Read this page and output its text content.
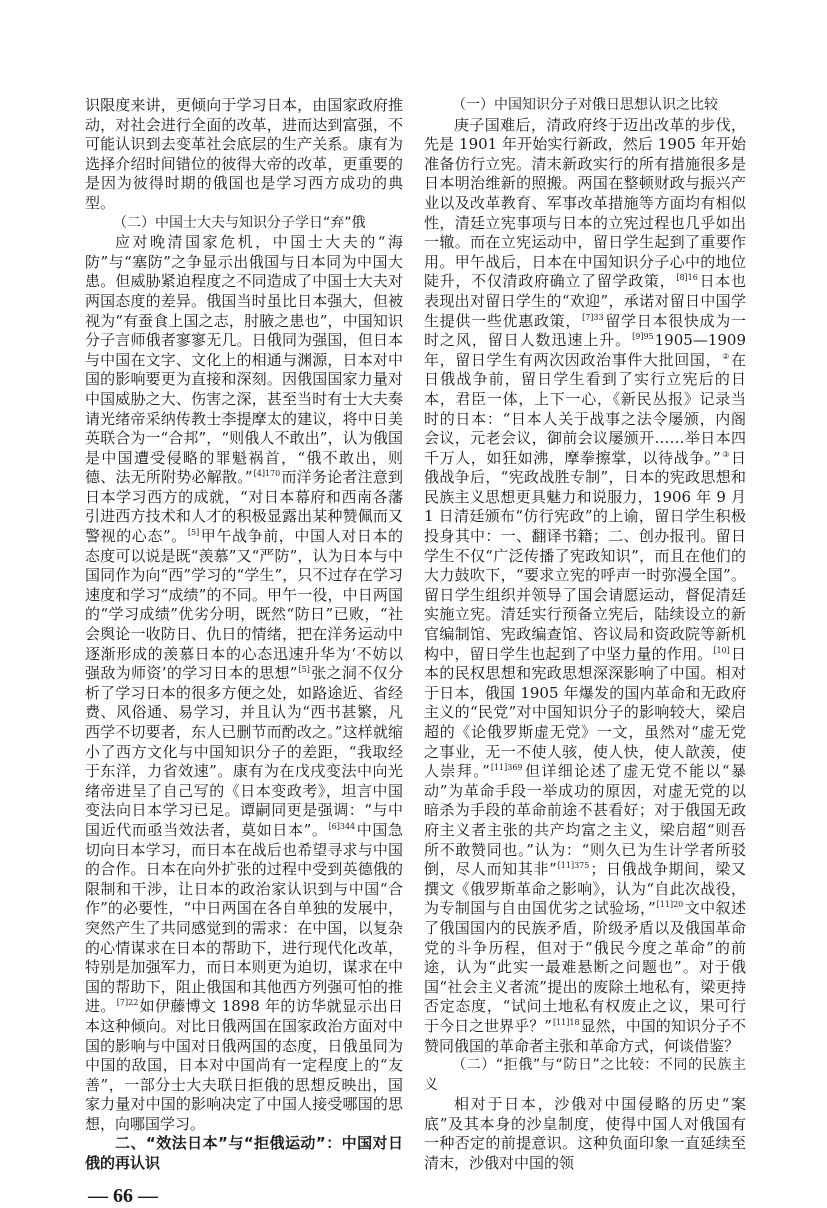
识限度来讲，更倾向于学习日本，由国家政府推动，对社会进行全面的改革，进而达到富强，不可能认识到去变革社会底层的生产关系。康有为选择介绍时间错位的彼得大帝的改革，更重要的是因为彼得时期的俄国也是学习西方成功的典型。

（二）中国士大夫与知识分子学日“弃”俄

应对晚清国家危机，中国士大夫的“海防”与“塞防”之争显示出俄国与日本同为中国大患。但威胁紧迫程度之不同造成了中国士大夫对两国态度的差异。俄国当时虽比日本强大，但被视为“有蚕食上国之志，肘腋之患也”，中国知识分子言师俄者寥寥无几。日俄同为强国，但日本与中国在文字、文化上的相通与渊源，日本对中国的影响要更为直接和深刻。因俄国国家力量对中国威胁之大、伤害之深，甚至当时有士大夫奏请光绪帝采纳传教士李提摩太的建议，将中日美英联合为一“合邦”，“则俄人不敢出”，认为俄国是中国遭受侵略的罪魁祸首，“俄不敢出，则德、法无所附势必解散。”$^{[4]170}$而洋务论者注意到日本学习西方的成就，“对日本幕府和西南各藩引进西方技术和人才的积极显露出某种赞佩而又警视的心态”。[5]甲午战争前，中国人对日本的态度可以说是既“羡慕”又“严防”，认为日本与中国同作为向“西”学习的“学生”，只不过存在学习速度和学习“成绩”的不同。甲午一役，中日两国的“学习成绩”优劣分明，既然“防日”已败，“社会舆论一收防日、仇日的情绪，把在洋务运动中逐渐形成的羡慕日本的心态迅速升华为‘不妨以强敌为师资’的学习日本的思想”[5]张之洞不仅分析了学习日本的很多方便之处，如路途近、省经费、风俗通、易学习，并且认为“西书甚繁，凡西学不切要者，东人已删节而酌改之。”这样就缩小了西方文化与中国知识分子的差距，“我取经于东洋，力省效速”。康有为在戊戌变法中向光绪帝进呈了自己写的《日本变政考》，坦言中国变法向日本学习已足。谭嗣同更是强调：“与中国近代而亟当效法者，莫如日本”。$^{[6]344}$中国急切向日本学习，而日本在战后也希望寻求与中国的合作。日本在向外扩张的过程中受到英德俄的限制和干涉，让日本的政治家认识到与中国“合作”的必要性，“中日两国在各自单独的发展中，突然产生了共同感觉到的需求：在中国，以复杂的心情谋求在日本的帮助下，进行现代化改革，特别是加强军力，而日本则更为迫切，谋求在中国的帮助下，阻止俄国和其他西方列强可怕的推进。$^{[7]22}$如伊藤博文 1898 年的访华就显示出日本这种倾向。对比日俄两国在国家政治方面对中国的影响与中国对日俄两国的态度，日俄虽同为中国的敌国，日本对中国尚有一定程度上的“友善”，一部分士大夫联日拒俄的思想反映出，国家力量对中国的影响决定了中国人接受哪国的思想，向哪国学习。

二、“效法日本”与“拒俄运动”：中国对日俄的再认识

— 66 —

（一）中国知识分子对俄日思想认识之比较

庚子国难后，清政府终于迈出改革的步伐，先是 1901 年开始实行新政，然后 1905 年开始准备仿行立宪。清末新政实行的所有措施很多是日本明治维新的照搬。两国在整顿财政与振兴产业以及改革教育、军事改革措施等方面均有相似性，清廷立宪事项与日本的立宪过程也几乎如出一辙。而在立宪运动中，留日学生起到了重要作用。甲午战后，日本在中国知识分子心中的地位陡升，不仅清政府确立了留学政策，$^{[8]16}$日本也表现出对留日学生的“欢迎”，承诺对留日中国学生提供一些优惠政策，$^{[7]33}$留学日本很快成为一时之风，留日人数迅速上升。$^{[9]95}$1905—1909 年，留日学生有两次因政治事件大批回国，②在日俄战争前，留日学生看到了实行立宪后的日本，君臣一体，上下一心，《新民丛报》记录当时的日本：“日本人关于战事之法令屡颁，内阁会议，元老会议，御前会议屡颁开……举日本四千万人，如狂如沸，摩拳擦掌，以待战争。”③日俄战争后，“宪政战胜专制”，日本的宪政思想和民族主义思想更具魅力和说服力，1906 年 9 月 1 日清廷颁布“仿行宪政”的上谕，留日学生积极投身其中：一、翻译书籍；二、创办报刊。留日学生不仅“广泛传播了宪政知识”，而且在他们的大力鼓吹下，“要求立宪的呼声一时弥漫全国”。留日学生组织并领导了国会请愿运动，督促清廷实施立宪。清廷实行预备立宪后，陆续设立的新官编制馆、宪政编查馆、咨议局和资政院等新机构中，留日学生也起到了中坚力量的作用。[10]日本的民权思想和宪政思想深深影响了中国。相对于日本，俄国 1905 年爆发的国内革命和无政府主义的“民党”对中国知识分子的影响较大，梁启超的《论俄罗斯虚无党》一文，虽然对“虚无党之事业，无一不使人骇，使人快，使人歆羡，使人崇拜。”$^{[11]369}$但详细论述了虚无党不能以“暴动”为革命手段一举成功的原因，对虚无党的以暗杀为手段的革命前途不甚看好；对于俄国无政府主义者主张的共产均富之主义，梁启超“则吾所不敢赞同也。”认为：“则久已为生计学者所驳倒，尽人而知其非”$^{[11]375}$；日俄战争期间，梁又撰文《俄罗斯革命之影响》，认为“自此次战役，为专制国与自由国优劣之试验场，”$^{[11]20}$文中叙述了俄国国内的民族矛盾，阶级矛盾以及俄国革命党的斗争历程，但对于“俄民今度之革命”的前途，认为“此实一最难悬断之问题也”。对于俄国“社会主义者流”提出的废除土地私有，梁更持否定态度，“试问土地私有权废止之议，果可行于今日之世界乎？”$^{[11]18}$显然，中国的知识分子不赞同俄国的革命者主张和革命方式，何谈借鉴？

（二）“拒俄”与“防日”之比较：不同的民族主义

相对于日本，沙俄对中国侵略的历史“案底”及其本身的沙皇制度，使得中国人对俄国有一种否定的前提意识。这种负面印象一直延续至清末，沙俄对中国的领
